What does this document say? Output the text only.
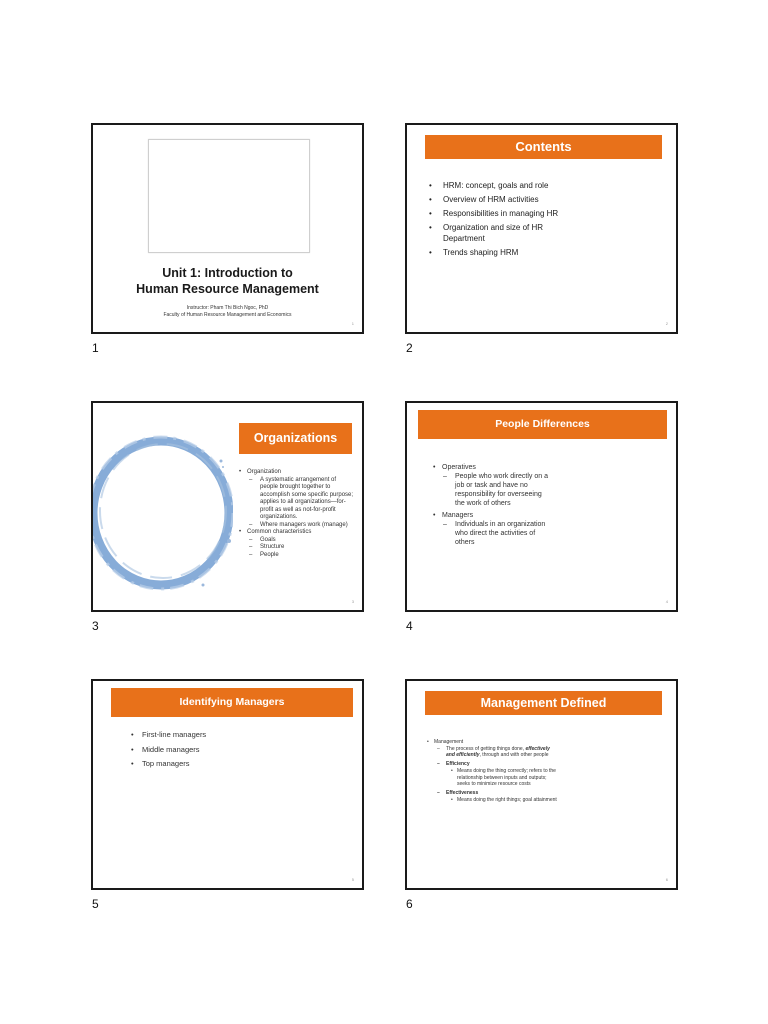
Unit 1: Introduction to
Human Resource Management
Instructor: Pham Thi Bich Ngoc, PhD
Faculty of Human Resource Management and Economics
1
1
Contents
• HRM: concept, goals and role
• Overview of HRM activities
• Responsibilities in managing HR
• Organization and size of HR Department
• Trends shaping HRM
2
2
Organizations
• Organization
– A systematic arrangement of people brought together to accomplish some specific purpose; applies to all organizations—for-profit as well as not-for-profit organizations.
– Where managers work (manage)
• Common characteristics
– Goals
– Structure
– People
3
3
People Differences
• Operatives
– People who work directly on a job or task and have no responsibility for overseeing the work of others
• Managers
– Individuals in an organization who direct the activities of others
4
4
Identifying Managers
• First-line managers
• Middle managers
• Top managers
5
5
Management Defined
• Management
– The process of getting things done, effectively and efficiently, through and with other people
– Efficiency
• Means doing the thing correctly; refers to the relationship between inputs and outputs; seeks to minimize resource costs
– Effectiveness
• Means doing the right things; goal attainment
6
6
